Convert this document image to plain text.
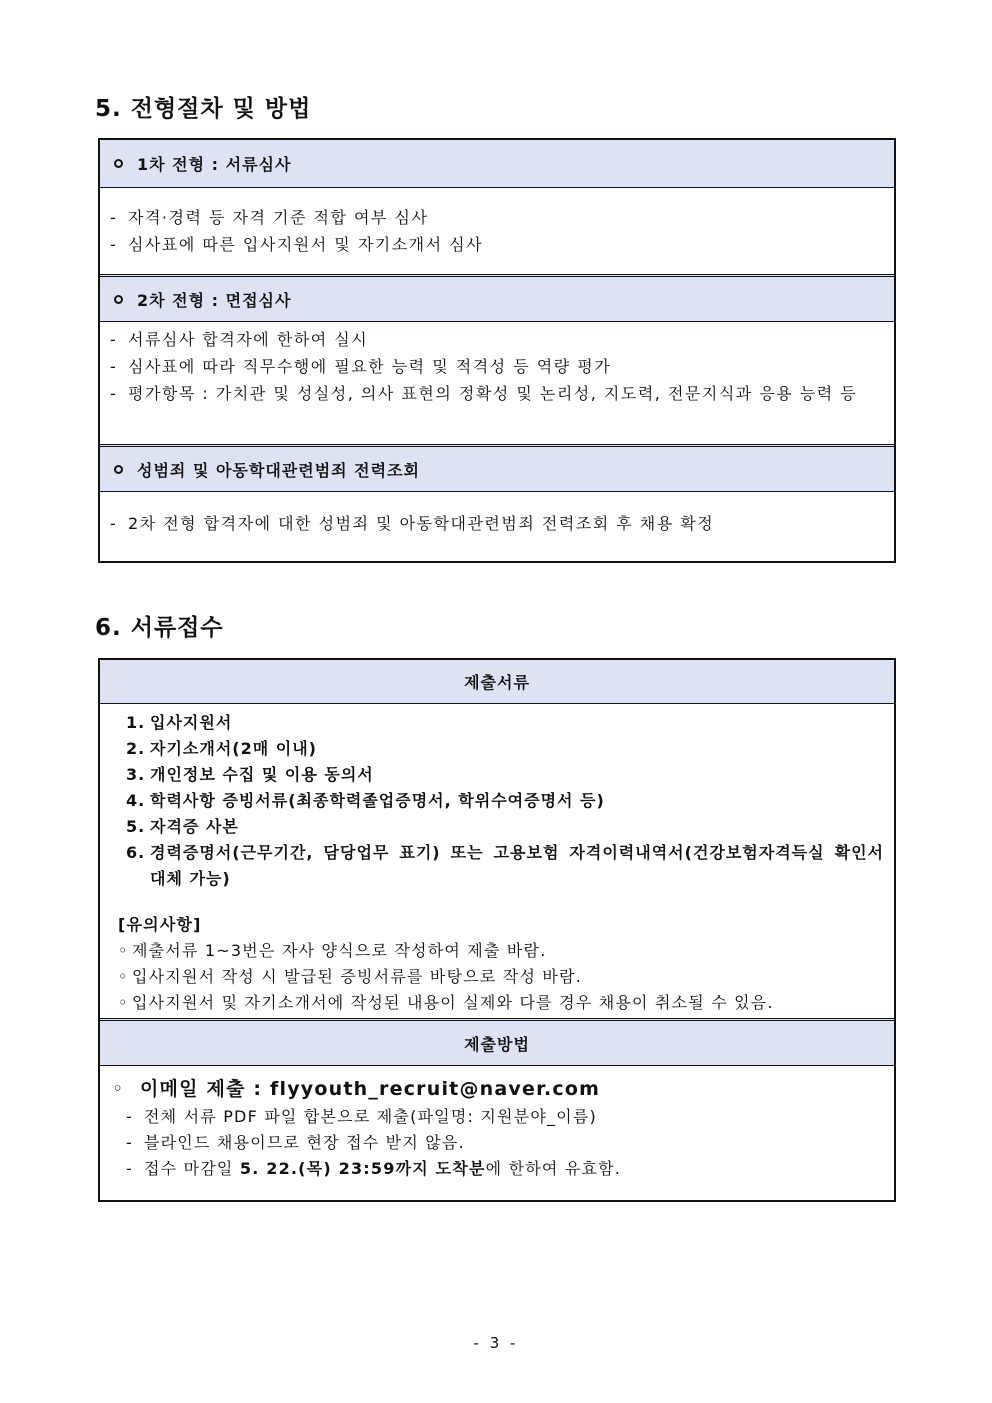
5. 전형절차 및 방법
1차 전형 : 서류심사
- 자격·경력 등 자격 기준 적합 여부 심사
- 심사표에 따른 입사지원서 및 자기소개서 심사
2차 전형 : 면접심사
- 서류심사 합격자에 한하여 실시
- 심사표에 따라 직무수행에 필요한 능력 및 적격성 등 역량 평가
- 평가항목 : 가치관 및 성실성, 의사 표현의 정확성 및 논리성, 지도력, 전문지식과 응용 능력 등
성범죄 및 아동학대관련범죄 전력조회
- 2차 전형 합격자에 대한 성범죄 및 아동학대관련범죄 전력조회 후 채용 확정
6. 서류접수
제출서류
1. 입사지원서
2. 자기소개서(2매 이내)
3. 개인정보 수집 및 이용 동의서
4. 학력사항 증빙서류(최종학력졸업증명서, 학위수여증명서 등)
5. 자격증 사본
6. 경력증명서(근무기간, 담당업무 표기) 또는 고용보험 자격이력내역서(건강보험자격득실 확인서 대체 가능)
[유의사항]
◦ 제출서류 1~3번은 자사 양식으로 작성하여 제출 바람.
◦ 입사지원서 작성 시 발급된 증빙서류를 바탕으로 작성 바람.
◦ 입사지원서 및 자기소개서에 작성된 내용이 실제와 다를 경우 채용이 취소될 수 있음.
제출방법
◦ 이메일 제출 : flyyouth_recruit@naver.com
- 전체 서류 PDF 파일 합본으로 제출(파일명: 지원분야_이름)
- 블라인드 채용이므로 현장 접수 받지 않음.
- 접수 마감일 5. 22.(목) 23:59까지 도착분에 한하여 유효함.
- 3 -
